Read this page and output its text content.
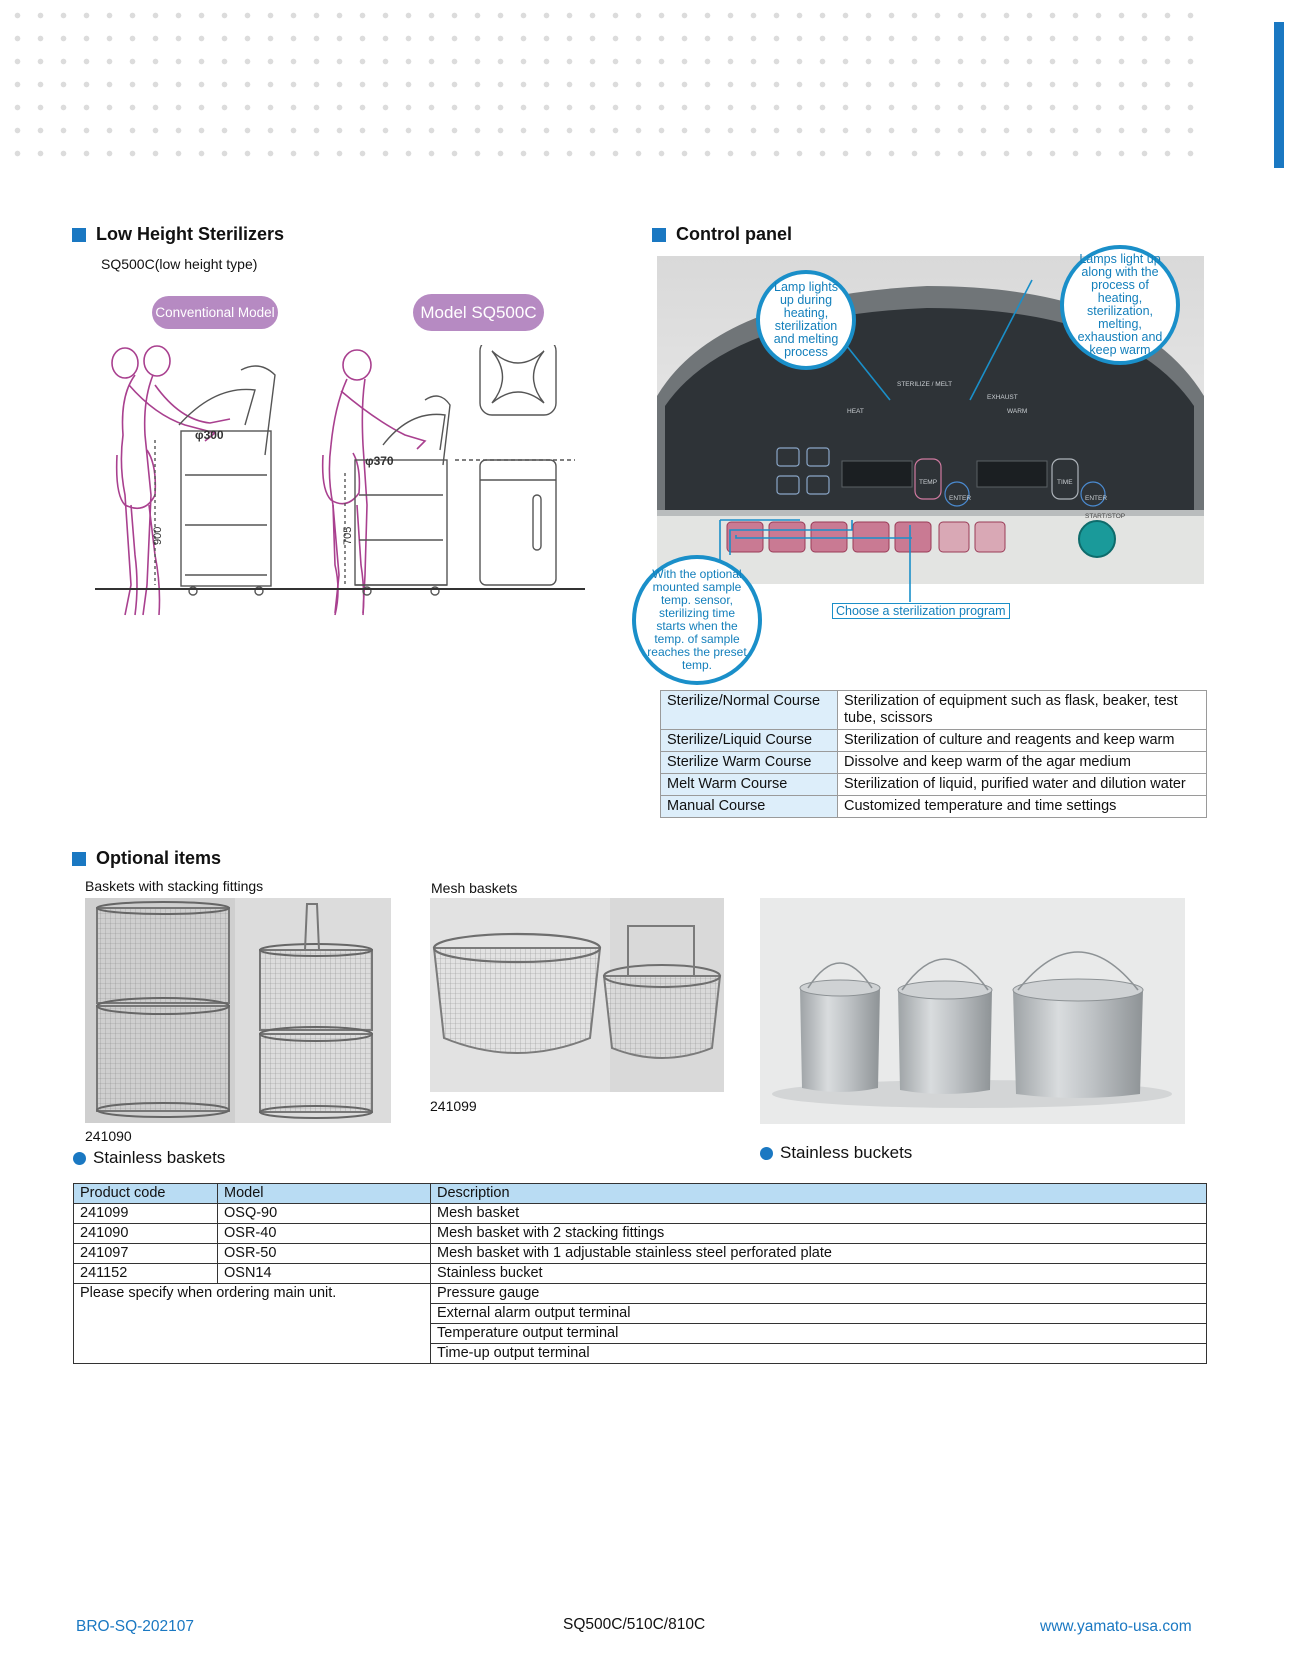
Low Height Sterilizers
SQ500C(low height type)
Conventional Model	Model SQ500C
φ300
φ370
900	705
Control panel
HEAT
STERILIZE / MELT
EXHAUST
WARM
TEMP
ENTER
TIME
ENTER
START/STOP
Lamp lights up during heating, sterilization and melting process
Lamps light up along with the process of heating, sterilization, melting, exhaustion and keep warm
With the optional mounted sample temp. sensor, sterilizing time starts when the temp. of sample reaches the preset temp.
Choose a sterilization program
Sterilize/Normal Course	Sterilization of equipment such as flask, beaker, test tube, scissors
Sterilize/Liquid Course	Sterilization of culture and reagents and keep warm
Sterilize Warm Course	Dissolve and keep warm of the agar medium
Melt Warm Course	Sterilization of liquid, purified water and dilution water
Manual Course	Customized temperature and time settings
Optional items
Baskets with stacking fittings	Mesh baskets
241090
241099
Stainless baskets	Stainless buckets
Product code	Model	Description
241099	OSQ-90	Mesh basket
241090	OSR-40	Mesh basket with 2 stacking fittings
241097	OSR-50	Mesh basket with 1 adjustable stainless steel perforated plate
241152	OSN14	Stainless bucket
Please specify when ordering main unit.		Pressure gauge
		External alarm output terminal
		Temperature output terminal
		Time-up output terminal
BRO-SQ-202107	SQ500C/510C/810C	www.yamato-usa.com
